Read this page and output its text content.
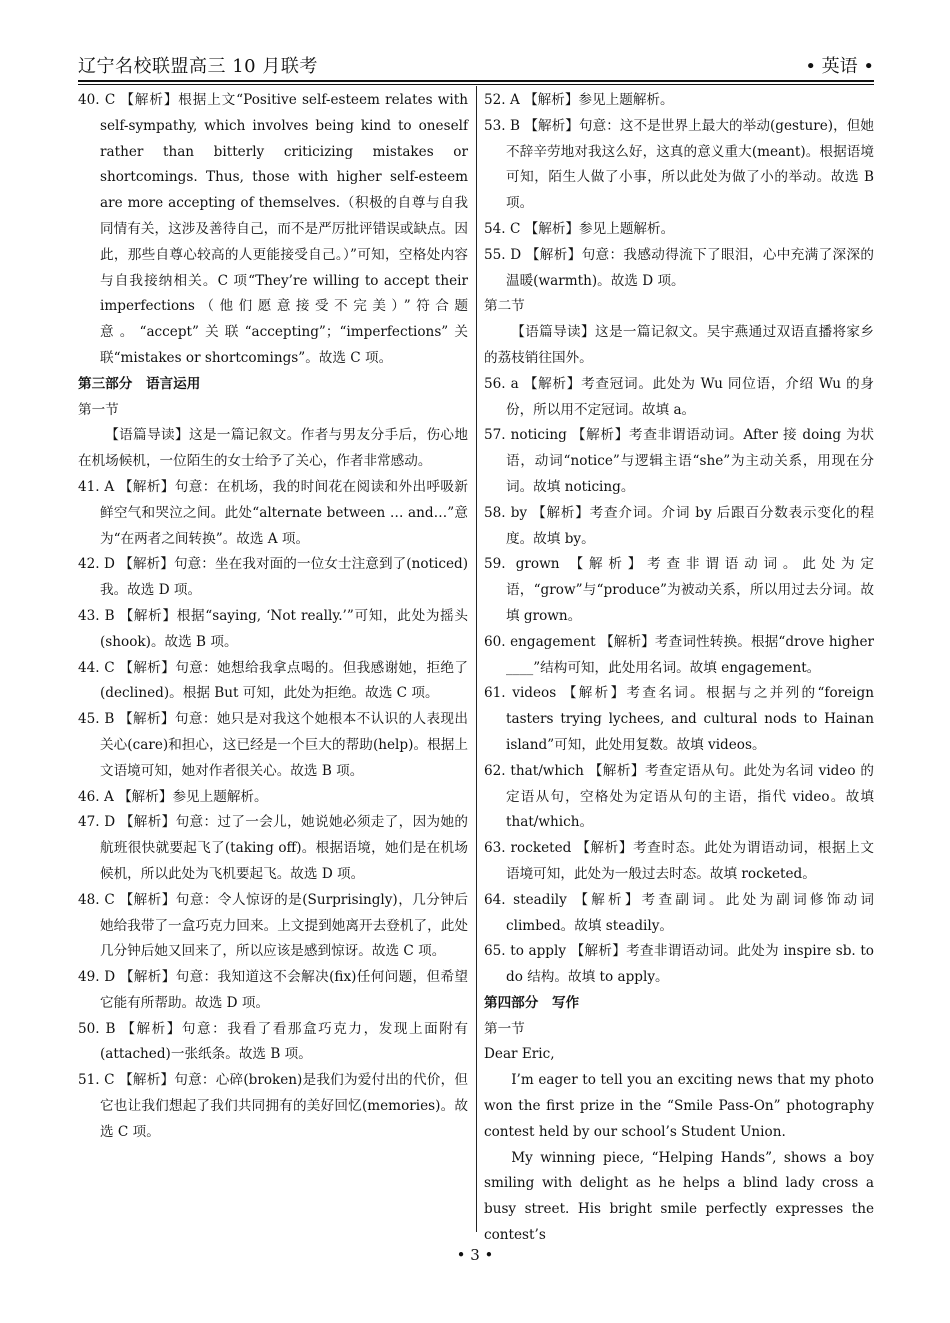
辽宁名校联盟高三 10 月联考	• 英语 •

40. C 【解析】根据上文“Positive self-esteem relates with self-sympathy, which involves being kind to oneself rather than bitterly criticizing mistakes or shortcomings. Thus, those with higher self-esteem are more accepting of themselves.（积极的自尊与自我同情有关，这涉及善待自己，而不是严厉批评错误或缺点。因此，那些自尊心较高的人更能接受自己。）”可知，空格处内容与自我接纳相关。C 项“They’re willing to accept their imperfections（他们愿意接受不完美）”符合题意。“accept”关联“accepting”；“imperfections”关联“mistakes or shortcomings”。故选 C 项。

第三部分　语言运用

第一节

【语篇导读】这是一篇记叙文。作者与男友分手后，伤心地在机场候机，一位陌生的女士给予了关心，作者非常感动。

41. A 【解析】句意：在机场，我的时间花在阅读和外出呼吸新鲜空气和哭泣之间。此处“alternate between … and…”意为“在两者之间转换”。故选 A 项。

42. D 【解析】句意：坐在我对面的一位女士注意到了(noticed)我。故选 D 项。

43. B 【解析】根据“saying, ‘Not really.’”可知，此处为摇头(shook)。故选 B 项。

44. C 【解析】句意：她想给我拿点喝的。但我感谢她，拒绝了(declined)。根据 But 可知，此处为拒绝。故选 C 项。

45. B 【解析】句意：她只是对我这个她根本不认识的人表现出关心(care)和担心，这已经是一个巨大的帮助(help)。根据上文语境可知，她对作者很关心。故选 B 项。

46. A 【解析】参见上题解析。

47. D 【解析】句意：过了一会儿，她说她必须走了，因为她的航班很快就要起飞了(taking off)。根据语境，她们是在机场候机，所以此处为飞机要起飞。故选 D 项。

48. C 【解析】句意：令人惊讶的是(Surprisingly)，几分钟后她给我带了一盒巧克力回来。上文提到她离开去登机了，此处几分钟后她又回来了，所以应该是感到惊讶。故选 C 项。

49. D 【解析】句意：我知道这不会解决(fix)任何问题，但希望它能有所帮助。故选 D 项。

50. B 【解析】句意：我看了看那盒巧克力，发现上面附有(attached)一张纸条。故选 B 项。

51. C 【解析】句意：心碎(broken)是我们为爱付出的代价，但它也让我们想起了我们共同拥有的美好回忆(memories)。故选 C 项。

52. A 【解析】参见上题解析。

53. B 【解析】句意：这不是世界上最大的举动(gesture)，但她不辞辛劳地对我这么好，这真的意义重大(meant)。根据语境可知，陌生人做了小事，所以此处为做了小的举动。故选 B 项。

54. C 【解析】参见上题解析。

55. D 【解析】句意：我感动得流下了眼泪，心中充满了深深的温暖(warmth)。故选 D 项。

第二节

【语篇导读】这是一篇记叙文。吴宇燕通过双语直播将家乡的荔枝销往国外。

56. a 【解析】考查冠词。此处为 Wu 同位语，介绍 Wu 的身份，所以用不定冠词。故填 a。

57. noticing 【解析】考查非谓语动词。After 接 doing 为状语，动词“notice”与逻辑主语“she”为主动关系，用现在分词。故填 noticing。

58. by 【解析】考查介词。介词 by 后跟百分数表示变化的程度。故填 by。

59. grown 【解析】考查非谓语动词。此处为定语，“grow”与“produce”为被动关系，所以用过去分词。故填 grown。

60. engagement 【解析】考查词性转换。根据“drove higher ____”结构可知，此处用名词。故填 engagement。

61. videos 【解析】考查名词。根据与之并列的“foreign tasters trying lychees, and cultural nods to Hainan island”可知，此处用复数。故填 videos。

62. that/which 【解析】考查定语从句。此处为名词 video 的定语从句，空格处为定语从句的主语，指代 video。故填 that/which。

63. rocketed 【解析】考查时态。此处为谓语动词，根据上文语境可知，此处为一般过去时态。故填 rocketed。

64. steadily 【解析】考查副词。此处为副词修饰动词 climbed。故填 steadily。

65. to apply 【解析】考查非谓语动词。此处为 inspire sb. to do 结构。故填 to apply。

第四部分　写作

第一节

Dear Eric,

I’m eager to tell you an exciting news that my photo won the first prize in the “Smile Pass-On” photography contest held by our school’s Student Union.

My winning piece, “Helping Hands”, shows a boy smiling with delight as he helps a blind lady cross a busy street. His bright smile perfectly expresses the contest’s

• 3 •
